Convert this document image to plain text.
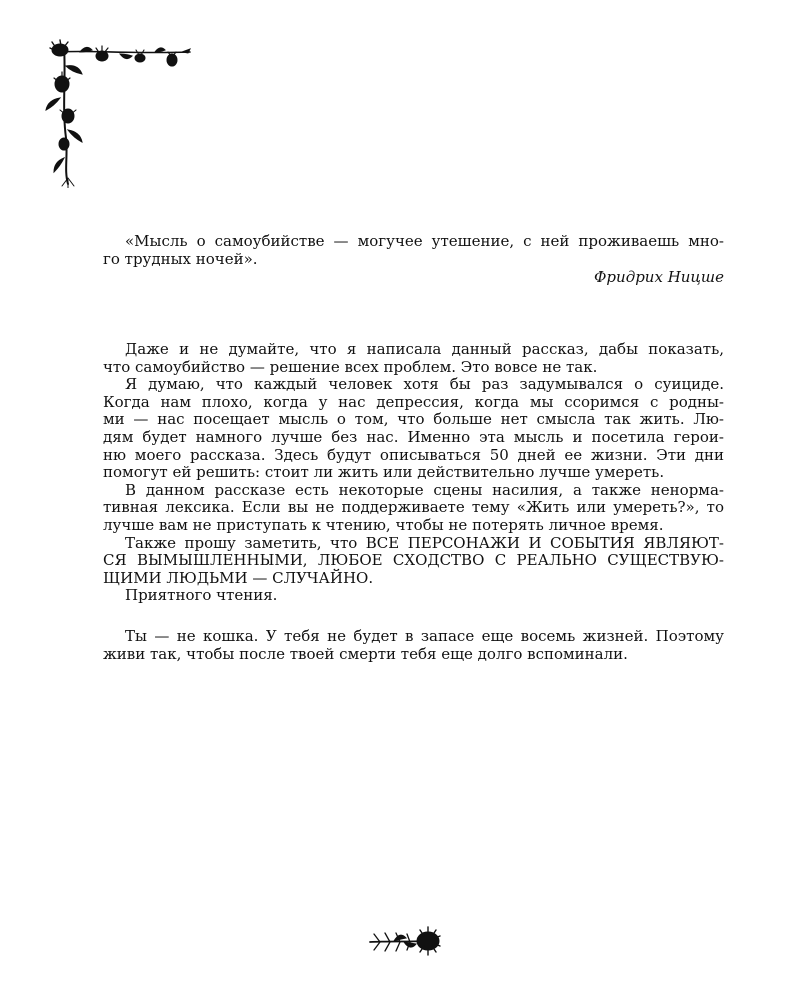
«Мысль о самоубийстве — могучее утешение, с ней проживаешь мно-
го трудных ночей».
Фридрих Ницше
Даже и не думайте, что я написала данный рассказ, дабы показать,
что самоубийство — решение всех проблем. Это вовсе не так.
Я думаю, что каждый человек хотя бы раз задумывался о суициде.
Когда нам плохо, когда у нас депрессия, когда мы ссоримся с родны-
ми — нас посещает мысль о том, что больше нет смысла так жить. Лю-
дям будет намного лучше без нас. Именно эта мысль и посетила герои-
ню моего рассказа. Здесь будут описываться 50 дней ее жизни. Эти дни
помогут ей решить: стоит ли жить или действительно лучше умереть.
В данном рассказе есть некоторые сцены насилия, а также ненорма-
тивная лексика. Если вы не поддерживаете тему «Жить или умереть?», то
лучше вам не приступать к чтению, чтобы не потерять личное время.
Также прошу заметить, что ВСЕ ПЕРСОНАЖИ И СОБЫТИЯ ЯВЛЯЮТ-
СЯ ВЫМЫШЛЕННЫМИ, ЛЮБОЕ СХОДСТВО С РЕАЛЬНО СУЩЕСТВУЮ-
ЩИМИ ЛЮДЬМИ — СЛУЧАЙНО.
Приятного чтения.
Ты — не кошка. У тебя не будет в запасе еще восемь жизней. Поэтому
живи так, чтобы после твоей смерти тебя еще долго вспоминали.
